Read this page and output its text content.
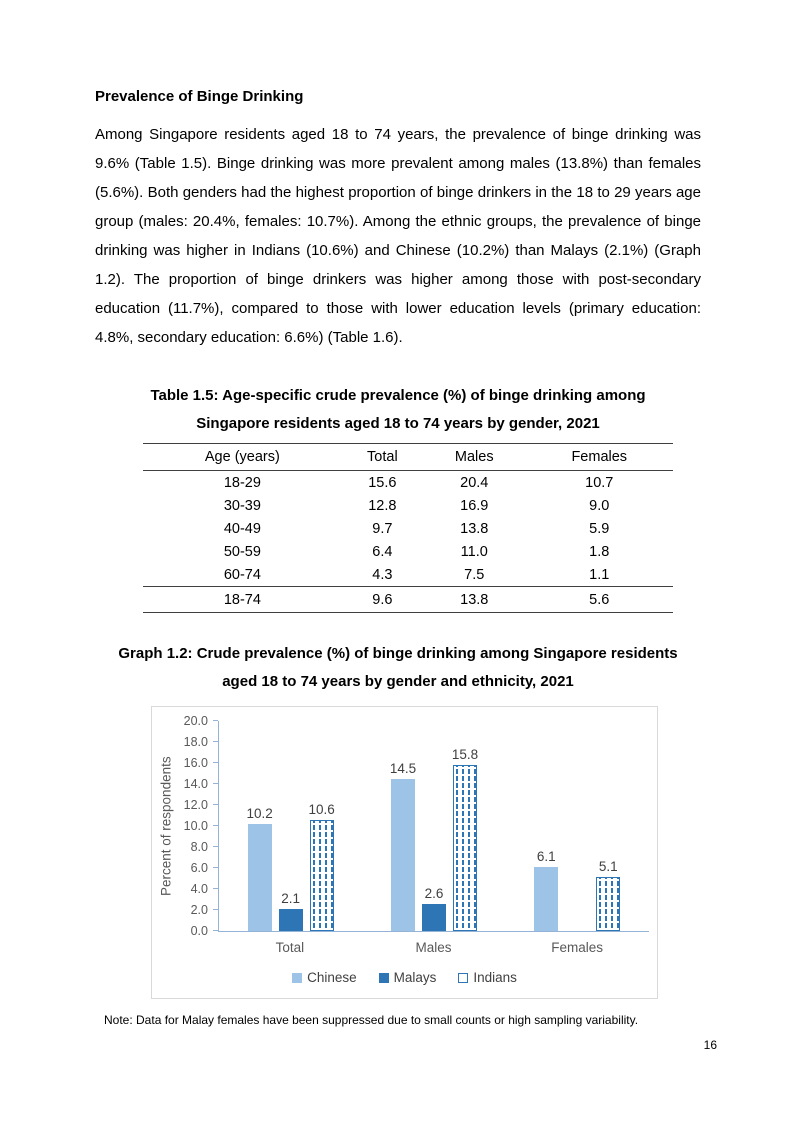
Prevalence of Binge Drinking

Among Singapore residents aged 18 to 74 years, the prevalence of binge drinking was 9.6% (Table 1.5). Binge drinking was more prevalent among males (13.8%) than females (5.6%). Both genders had the highest proportion of binge drinkers in the 18 to 29 years age group (males: 20.4%, females: 10.7%). Among the ethnic groups, the prevalence of binge drinking was higher in Indians (10.6%) and Chinese (10.2%) than Malays (2.1%) (Graph 1.2). The proportion of binge drinkers was higher among those with post-secondary education (11.7%), compared to those with lower education levels (primary education: 4.8%, secondary education: 6.6%) (Table 1.6).

Table 1.5: Age-specific crude prevalence (%) of binge drinking among
Singapore residents aged 18 to 74 years by gender, 2021
Age (years)	Total	Males	Females
18-29	15.6	20.4	10.7
30-39	12.8	16.9	9.0
40-49	9.7	13.8	5.9
50-59	6.4	11.0	1.8
60-74	4.3	7.5	1.1
18-74	9.6	13.8	5.6
Graph 1.2: Crude prevalence (%) of binge drinking among Singapore residents
aged 18 to 74 years by gender and ethnicity, 2021
Percent of respondents
0.0
2.0
4.0
6.0
8.0
10.0
12.0
14.0
16.0
18.0
20.0
10.2
2.1
10.6
14.5
2.6
15.8
6.1
5.1
Total	Males	Females
Chinese	Malays	Indians
Note: Data for Malay females have been suppressed due to small counts or high sampling variability.
16
